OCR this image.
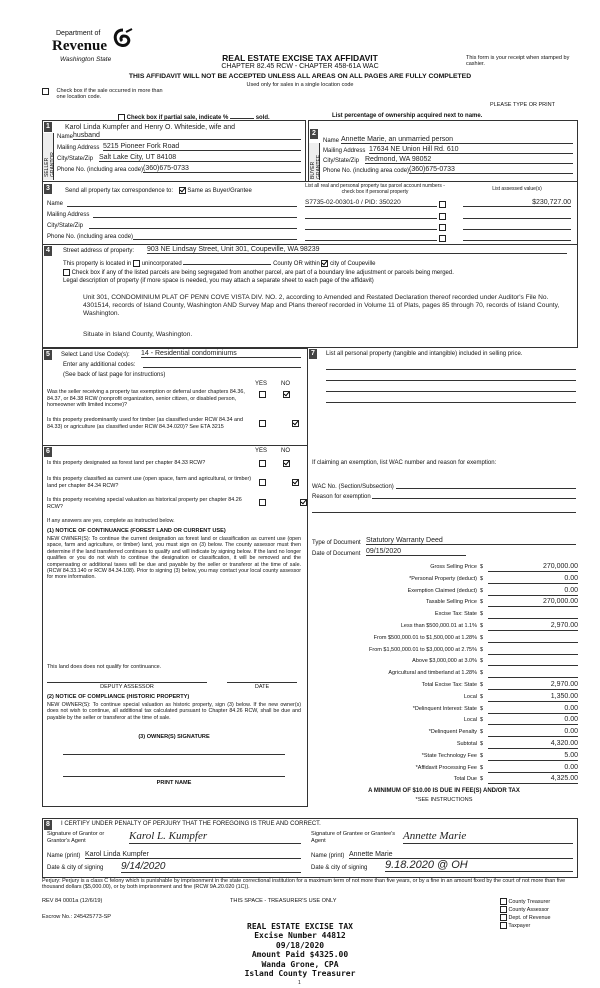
Department of
Revenue
Washington State	REAL ESTATE EXCISE TAX AFFIDAVIT
CHAPTER 82.45 RCW - CHAPTER 458-61A WAC
THIS AFFIDAVIT WILL NOT BE ACCEPTED UNLESS ALL AREAS ON ALL PAGES ARE FULLY COMPLETED
Used only for sales in a single location code
This form is your receipt when stamped by cashier.
Check box if the sale occurred in more than one location code.
PLEASE TYPE OR PRINT
Check box if partial sale, indicate %	sold.	List percentage of ownership acquired next to name.
1
SELLER GRANTOR
Karol Linda Kumpfer and Henry O. Whiteside, wife and
Name husband
Mailing Address 5215 Pioneer Fork Road
City/State/Zip Salt Lake City, UT 84108
Phone No. (including area code) (360)675-0733
2
BUYER GRANTEE
Name Annette Marie, an unmarried person
Mailing Address 17634 NE Union Hill Rd. 610
City/State/Zip Redmond, WA 98052
Phone No. (including area code) (360)675-0733
3	Send all property tax correspondence to: Same as Buyer/Grantee
Name
Mailing Address
City/State/Zip
Phone No. (including area code)
List all real and personal property tax parcel account numbers - check box if personal property
S7735-02-00301-0 / PID: 350220
List assessed value(s)
$230,727.00
4	Street address of property: 903 NE Lindsay Street, Unit 301, Coupeville, WA 98239
This property is located in unincorporated	County OR within city of Coupeville
Check box if any of the listed parcels are being segregated from another parcel, are part of a boundary line adjustment or parcels being merged.
Legal description of property (if more space is needed, you may attach a separate sheet to each page of the affidavit)
Unit 301, CONDOMINIUM PLAT OF PENN COVE VISTA DIV. NO. 2, according to Amended and Restated Declaration thereof recorded under Auditor's File No. 4301514, records of Island County, Washington AND Survey Map and Plans thereof recorded in Volume 11 of Plats, pages 85 through 70, records of Island County, Washington.
Situate in Island County, Washington.
5	Select Land Use Code(s): 14 - Residential condominiums
Enter any additional codes:
(See back of last page for instructions)
YES NO
Was the seller receiving a property tax exemption or deferral under chapters 84.36, 84.37, or 84.38 RCW (nonprofit organization, senior citizen, or disabled person, homeowner with limited income)?

Is this property predominantly used for timber (as classified under RCW 84.34 and 84.33) or agriculture (as classified under RCW 84.34.020)? See ETA 3215
7	List all personal property (tangible and intangible) included in selling price.
6	YES NO
Is this property designated as forest land per chapter 84.33 RCW?

Is this property classified as current use (open space, farm and agricultural, or timber) land per chapter 84.34 RCW?

Is this property receiving special valuation as historical property per chapter 84.26 RCW?
If any answers are yes, complete as instructed below.
(1) NOTICE OF CONTINUANCE (FOREST LAND OR CURRENT USE)
NEW OWNER(S): To continue the current designation as forest land or classification as current use (open space, farm and agriculture, or timber) land, you must sign on (3) below. The county assessor must then determine if the land transferred continues to qualify and will indicate by signing below. If the land no longer qualifies or you do not wish to continue the designation or classification, it will be removed and the compensating or additional taxes will be due and payable by the seller or transferor at the time of sale. (RCW 84.33.140 or RCW 84.34.108). Prior to signing (3) below, you may contact your local county assessor for more information.
This land does does not qualify for continuance.
DEPUTY ASSESSOR	DATE
(2) NOTICE OF COMPLIANCE (HISTORIC PROPERTY)
NEW OWNER(S): To continue special valuation as historic property, sign (3) below. If the new owner(s) does not wish to continue, all additional tax calculated pursuant to Chapter 84.26 RCW, shall be due and payable by the seller or transferor at the time of sale.
(3) OWNER(S) SIGNATURE
PRINT NAME
If claiming an exemption, list WAC number and reason for exemption:
WAC No. (Section/Subsection)
Reason for exemption
Type of Document Statutory Warranty Deed
Date of Document 09/15/2020
Gross Selling Price $	270,000.00
*Personal Property (deduct) $	0.00
Exemption Claimed (deduct) $	0.00
Taxable Selling Price $	270,000.00
Excise Tax: State $
Less than $500,000.01 at 1.1% $	2,970.00
From $500,000.01 to $1,500,000 at 1.28% $
From $1,500,000.01 to $3,000,000 at 2.75% $
Above $3,000,000 at 3.0% $
Agricultural and timberland at 1.28% $
Total Excise Tax: State $	2,970.00
Local $	1,350.00
*Delinquent Interest: State $	0.00
Local $	0.00
*Delinquent Penalty $	0.00
Subtotal $	4,320.00
*State Technology Fee $	5.00
*Affidavit Processing Fee $	0.00
Total Due $	4,325.00
A MINIMUM OF $10.00 IS DUE IN FEE(S) AND/OR TAX
*SEE INSTRUCTIONS
8	I CERTIFY UNDER PENALTY OF PERJURY THAT THE FOREGOING IS TRUE AND CORRECT.
Signature of Grantor or Grantor's Agent	Karol L. Kumpfer
Name (print) Karol Linda Kumpfer
Date & city of signing 9/14/2020
Signature of Grantee or Grantee's Agent	Annette Marie
Name (print) Annette Marie
Date & city of signing 9.18.2020 @ OH
Perjury: Perjury is a class C felony which is punishable by imprisonment in the state correctional institution for a maximum term of not more than five years, or by a fine in an amount fixed by the court of not more than five thousand dollars ($5,000.00), or by both imprisonment and fine (RCW 9A.20.020 (1C)).
REV 84 0001a (12/6/19)	THIS SPACE - TREASURER'S USE ONLY
Escrow No.: 245425773-SP
County Treasurer
County Assessor
Dept. of Revenue
Taxpayer
REAL ESTATE EXCISE TAX
Excise Number 44812
09/18/2020
Amount Paid $4325.00
Wanda Grone, CPA
Island County Treasurer
1
